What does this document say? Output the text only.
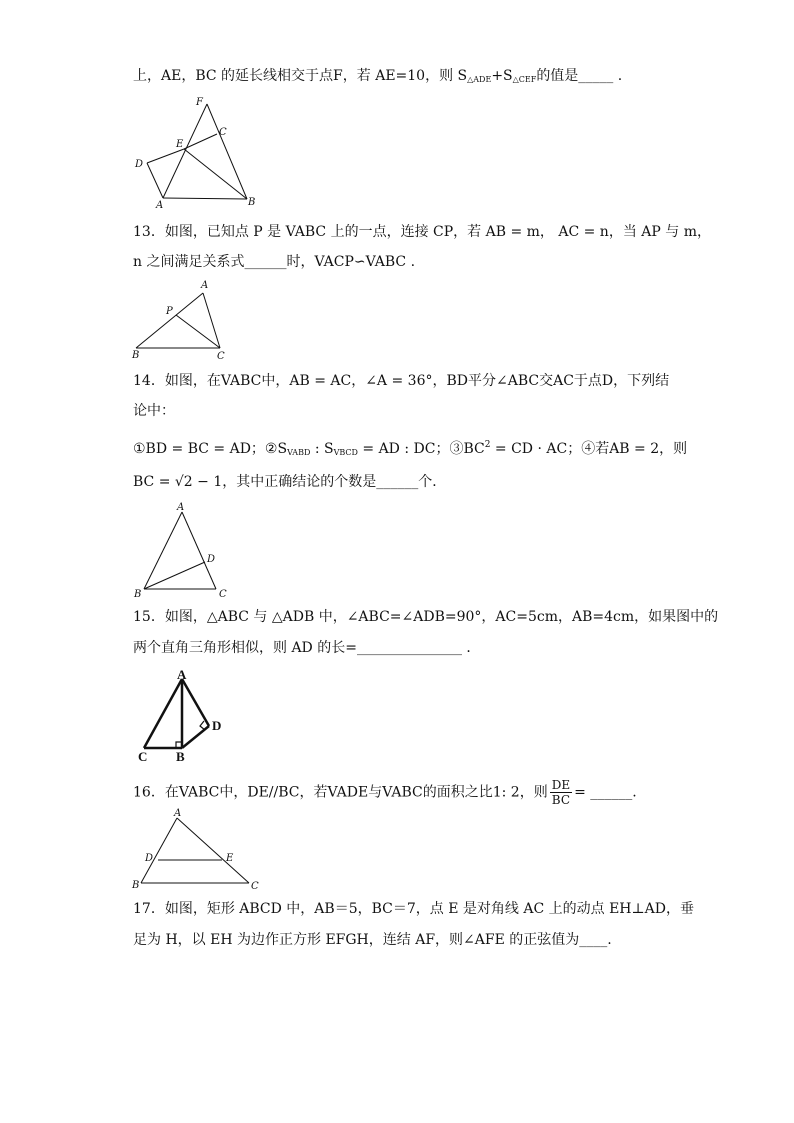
上，AE，BC 的延长线相交于点F，若 AE=10，则 $S_{\triangle ADE}+S_{\triangle CEF}$的值是_____ .
F
C
E
D
A	B
13．如图，已知点 P 是 VABC 上的一点，连接 CP，若 AB = m， AC = n，当 AP 与 m，
n 之间满足关系式______时，VACP∽VABC .
A
P
B	C
14．如图，在VABC中，AB = AC，∠A = 36°，BD平分∠ABC交AC于点D，下列结
论中：
①BD = BC = AD；$②S_{VABD}$ : $S_{VBCD}$ = AD : DC；$③BC^2$ = CD · AC；④若AB = 2，则
BC = √2 − 1，其中正确结论的个数是______个．
A
D
B	C
15．如图，△ABC 与 △ADB 中，∠ABC=∠ADB=90°，AC=5cm，AB=4cm，如果图中的
两个直角三角形相似，则 AD 的长=_______________ ．
A
D
B
C
16．在VABC中，DE//BC，若VADE与VABC的面积之比1: 2，则 $\frac{DE}{BC}$ = ______.
A
D	E
B	C
17．如图，矩形 ABCD 中，AB＝5，BC＝7，点 E 是对角线 AC 上的动点 EH⊥AD，垂
足为 H，以 EH 为边作正方形 EFGH，连结 AF，则∠AFE 的正弦值为____.
